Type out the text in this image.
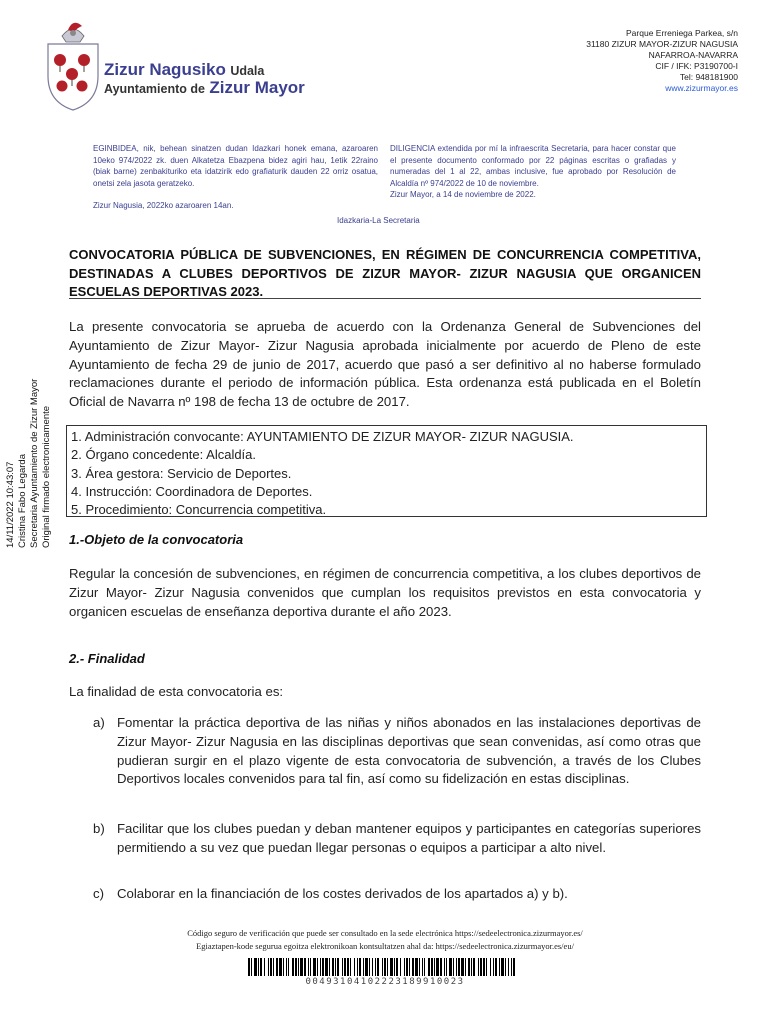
Zizur Nagusiko Udala
Ayuntamiento de Zizur Mayor
Parque Erreniega Parkea, s/n
31180 ZIZUR MAYOR-ZIZUR NAGUSIA
NAFARROA-NAVARRA
CIF / IFK: P3190700-I
Tel: 948181900
www.zizurmayor.es
EGINBIDEA, nik, behean sinatzen dudan Idazkari honek emana, azaroaren 10eko 974/2022 zk. duen Alkatetza Ebazpena bidez agiri hau, 1etik 22raino (biak barne) zenbakituriko eta idatzirik edo grafiaturik dauden 22 orriz osatua, onetsi zela jasota geratzeko.
Zizur Nagusia, 2022ko azaroaren 14an.
DILIGENCIA extendida por mí la infraescrita Secretaria, para hacer constar que el presente documento conformado por 22 páginas escritas o grafiadas y numeradas del 1 al 22, ambas inclusive, fue aprobado por Resolución de Alcaldía nº 974/2022 de 10 de noviembre.
Zizur Mayor, a 14 de noviembre de 2022.
Idazkaria-La Secretaria
14/11/2022 10:43:07 Cristina Fabo Legarda Secretaria Ayuntamiento de Zizur Mayor Original firmado electronicamente
CONVOCATORIA PÚBLICA DE SUBVENCIONES, EN RÉGIMEN DE CONCURRENCIA COMPETITIVA, DESTINADAS A CLUBES DEPORTIVOS DE ZIZUR MAYOR- ZIZUR NAGUSIA QUE ORGANICEN ESCUELAS DEPORTIVAS 2023.
La presente convocatoria se aprueba de acuerdo con la Ordenanza General de Subvenciones del Ayuntamiento de Zizur Mayor- Zizur Nagusia aprobada inicialmente por acuerdo de Pleno de este Ayuntamiento de fecha 29 de junio de 2017, acuerdo que pasó a ser definitivo al no haberse formulado reclamaciones durante el periodo de información pública. Esta ordenanza está publicada en el Boletín Oficial de Navarra nº 198 de fecha 13 de octubre de 2017.
1. Administración convocante: AYUNTAMIENTO DE ZIZUR MAYOR- ZIZUR NAGUSIA.
2. Órgano concedente: Alcaldía.
3. Área gestora: Servicio de Deportes.
4. Instrucción: Coordinadora de Deportes.
5. Procedimiento: Concurrencia competitiva.
1.-Objeto de la convocatoria
Regular la concesión de subvenciones, en régimen de concurrencia competitiva, a los clubes deportivos de Zizur Mayor- Zizur Nagusia convenidos que cumplan los requisitos previstos en esta convocatoria y organicen escuelas de enseñanza deportiva durante el año 2023.
2.- Finalidad
La finalidad de esta convocatoria es:
a) Fomentar la práctica deportiva de las niñas y niños abonados en las instalaciones deportivas de Zizur Mayor- Zizur Nagusia en las disciplinas deportivas que sean convenidas, así como otras que pudieran surgir en el plazo vigente de esta convocatoria de subvención, a través de los Clubes Deportivos locales convenidos para tal fin, así como su fidelización en estas disciplinas.
b) Facilitar que los clubes puedan y deban mantener equipos y participantes en categorías superiores permitiendo a su vez que puedan llegar personas o equipos a participar a alto nivel.
c) Colaborar en la financiación de los costes derivados de los apartados a) y b).
Código seguro de verificación que puede ser consultado en la sede electrónica https://sedeelectronica.zizurmayor.es/
Egiaztapen-kode segurua egoitza elektronikoan kontsultatzen ahal da: https://sedeelectronica.zizurmayor.es/eu/
00493104102223189910023
